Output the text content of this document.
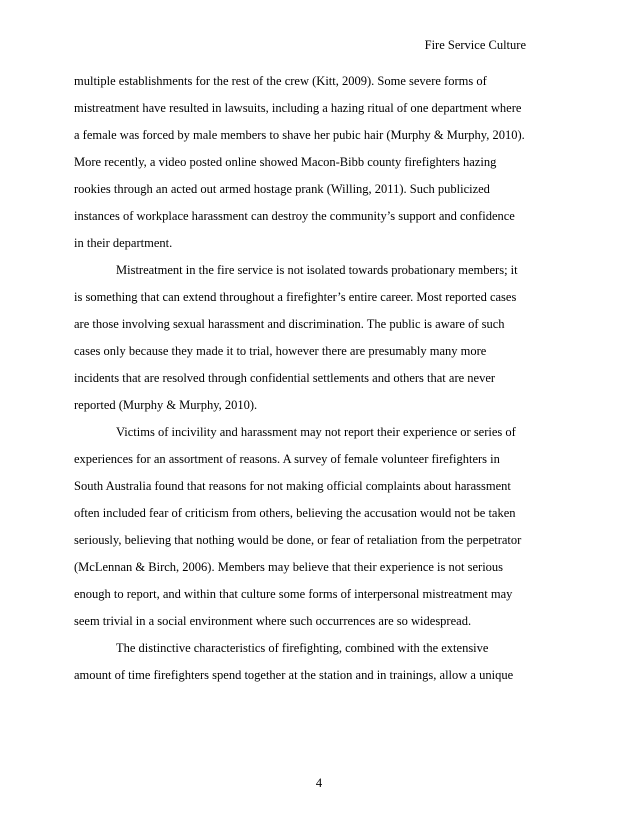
Fire Service Culture
multiple establishments for the rest of the crew (Kitt, 2009). Some severe forms of
mistreatment have resulted in lawsuits, including a hazing ritual of one department where
a female was forced by male members to shave her pubic hair (Murphy & Murphy, 2010).
More recently, a video posted online showed Macon-Bibb county firefighters hazing
rookies through an acted out armed hostage prank (Willing, 2011). Such publicized
instances of workplace harassment can destroy the community’s support and confidence
in their department.
Mistreatment in the fire service is not isolated towards probationary members; it
is something that can extend throughout a firefighter’s entire career. Most reported cases
are those involving sexual harassment and discrimination. The public is aware of such
cases only because they made it to trial, however there are presumably many more
incidents that are resolved through confidential settlements and others that are never
reported (Murphy & Murphy, 2010).
Victims of incivility and harassment may not report their experience or series of
experiences for an assortment of reasons. A survey of female volunteer firefighters in
South Australia found that reasons for not making official complaints about harassment
often included fear of criticism from others, believing the accusation would not be taken
seriously, believing that nothing would be done, or fear of retaliation from the perpetrator
(McLennan & Birch, 2006). Members may believe that their experience is not serious
enough to report, and within that culture some forms of interpersonal mistreatment may
seem trivial in a social environment where such occurrences are so widespread.
The distinctive characteristics of firefighting, combined with the extensive
amount of time firefighters spend together at the station and in trainings, allow a unique
4
